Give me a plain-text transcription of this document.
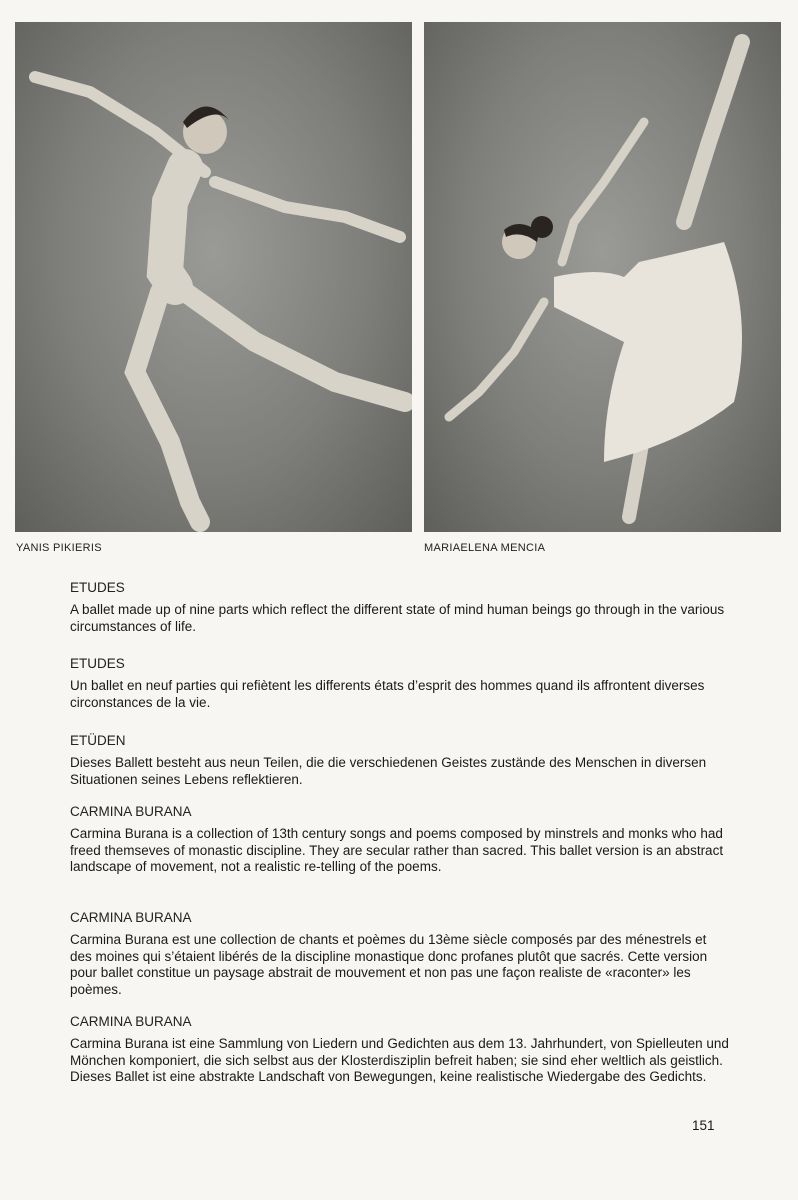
YANIS PIKIERIS	MARIAELENA MENCIA

ETUDES

A ballet made up of nine parts which reflect the different state of mind human beings go through in the various circumstances of life.

ETUDES

Un ballet en neuf parties qui refiètent les differents états d’esprit des hommes quand ils affrontent diverses circonstances de la vie.

ETÜDEN

Dieses Ballett besteht aus neun Teilen, die die verschiedenen Geistes zustände des Menschen in diversen Situationen seines Lebens reflektieren.

CARMINA BURANA

Carmina Burana is a collection of 13th century songs and poems composed by minstrels and monks who had freed themseves of monastic discipline. They are secular rather than sacred. This ballet version is an abstract landscape of movement, not a realistic re-telling of the poems.

CARMINA BURANA

Carmina Burana est une collection de chants et poèmes du 13ème siècle composés par des ménestrels et des moines qui s’étaient libérés de la discipline monastique donc profanes plutôt que sacrés. Cette version pour ballet constitue un paysage abstrait de mouvement et non pas une façon realiste de «raconter» les poèmes.

CARMINA BURANA

Carmina Burana ist eine Sammlung von Liedern und Gedichten aus dem 13. Jahrhundert, von Spielleuten und Mönchen komponiert, die sich selbst aus der Klosterdisziplin befreit haben; sie sind eher weltlich als geistlich. Dieses Ballet ist eine abstrakte Landschaft von Bewegungen, keine realistische Wiedergabe des Gedichts.

151
